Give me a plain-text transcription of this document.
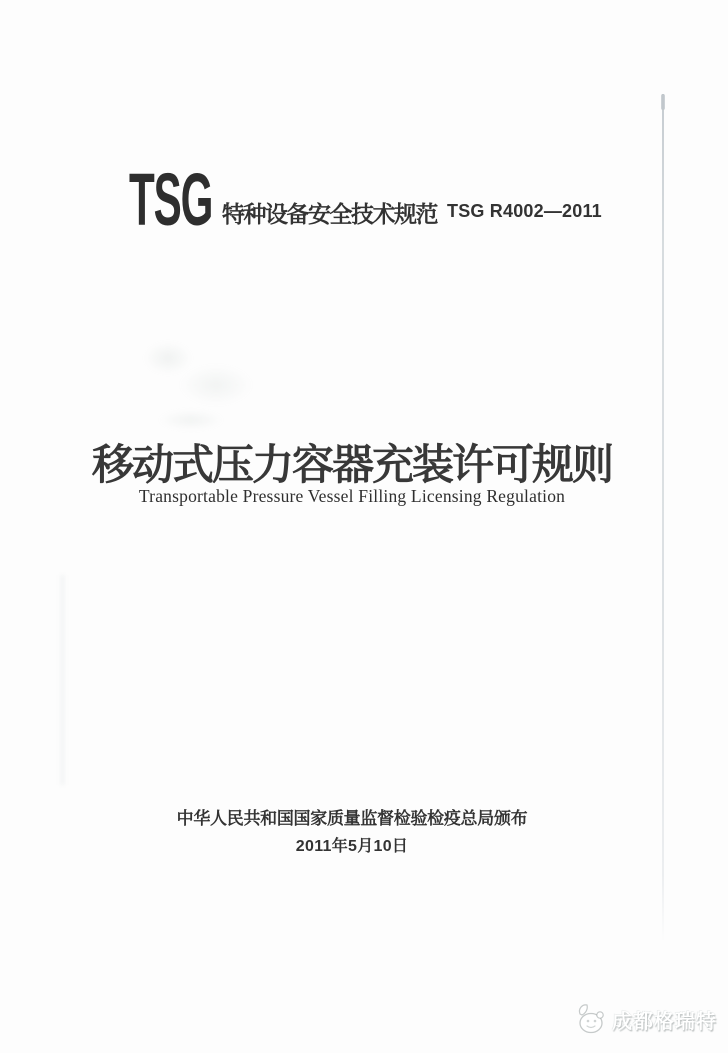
TSG 特种设备安全技术规范 TSG R4002—2011
移动式压力容器充装许可规则
Transportable Pressure Vessel Filling Licensing Regulation
中华人民共和国国家质量监督检验检疫总局颁布
2011年5月10日
成都格瑞特
